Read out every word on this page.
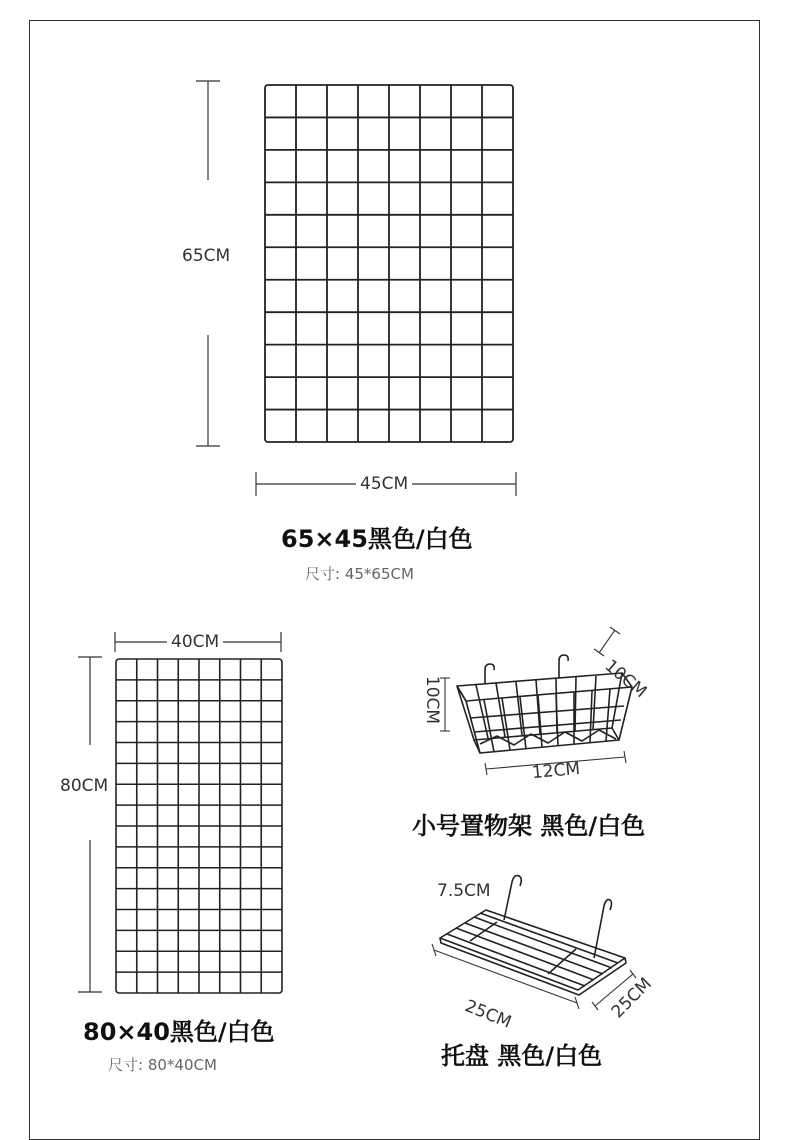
65CM
45CM
65×45黑色/白色
尺寸: 45*65CM
40CM
80CM
80×40黑色/白色
尺寸: 80*40CM
10CM	10CM
12CM
小号置物架 黑色/白色
7.5CM
25CM	25CM
托盘 黑色/白色
